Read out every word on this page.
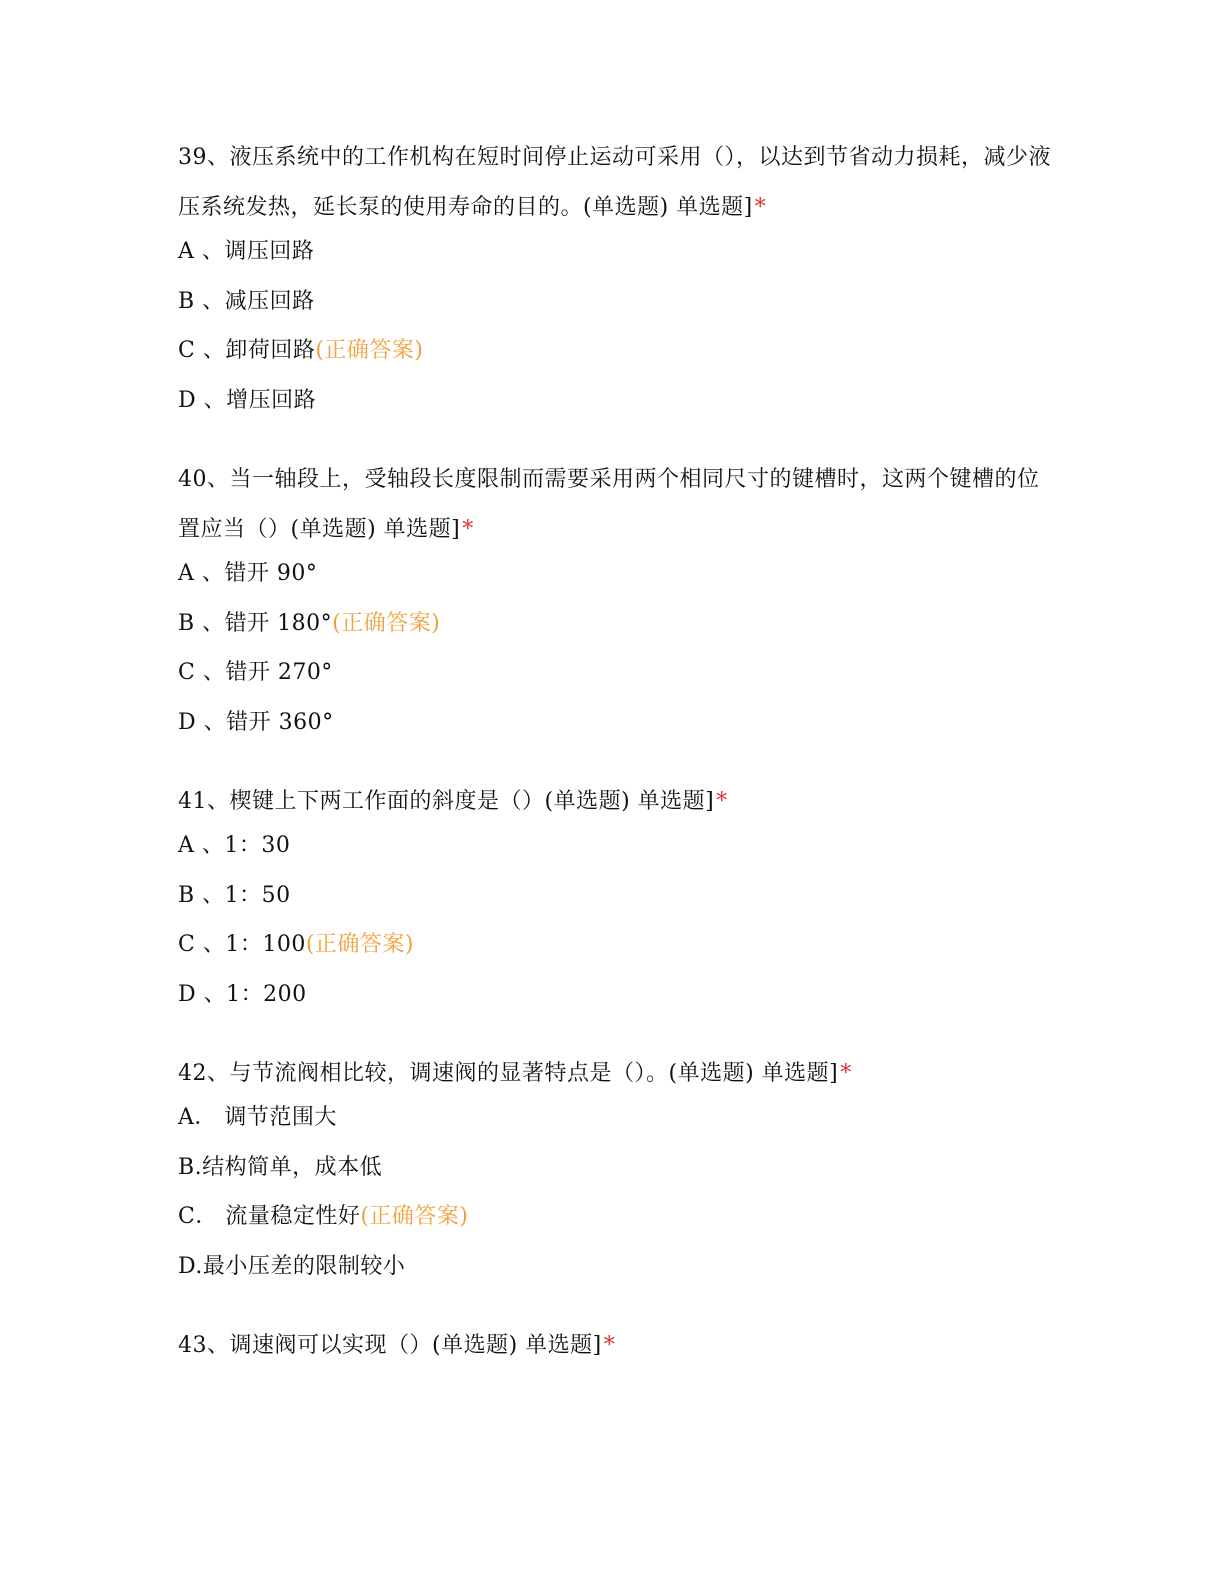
39、液压系统中的工作机构在短时间停止运动可采用（），以达到节省动力损耗，减少液压系统发热，延长泵的使用寿命的目的。(单选题) 单选题]*

A 、调压回路
B 、减压回路
C 、卸荷回路(正确答案)
D 、增压回路

40、当一轴段上，受轴段长度限制而需要采用两个相同尺寸的键槽时，这两个键槽的位置应当（）(单选题) 单选题]*

A 、错开 90°
B 、错开 180°(正确答案)
C 、错开 270°
D 、错开 360°

41、楔键上下两工作面的斜度是（）(单选题) 单选题]*

A 、1：30
B 、1：50
C 、1：100(正确答案)
D 、1：200

42、与节流阀相比较，调速阀的显著特点是（）。(单选题) 单选题]*

A． 调节范围大
B.结构简单，成本低
C． 流量稳定性好(正确答案)
D.最小压差的限制较小

43、调速阀可以实现（）(单选题) 单选题]*
